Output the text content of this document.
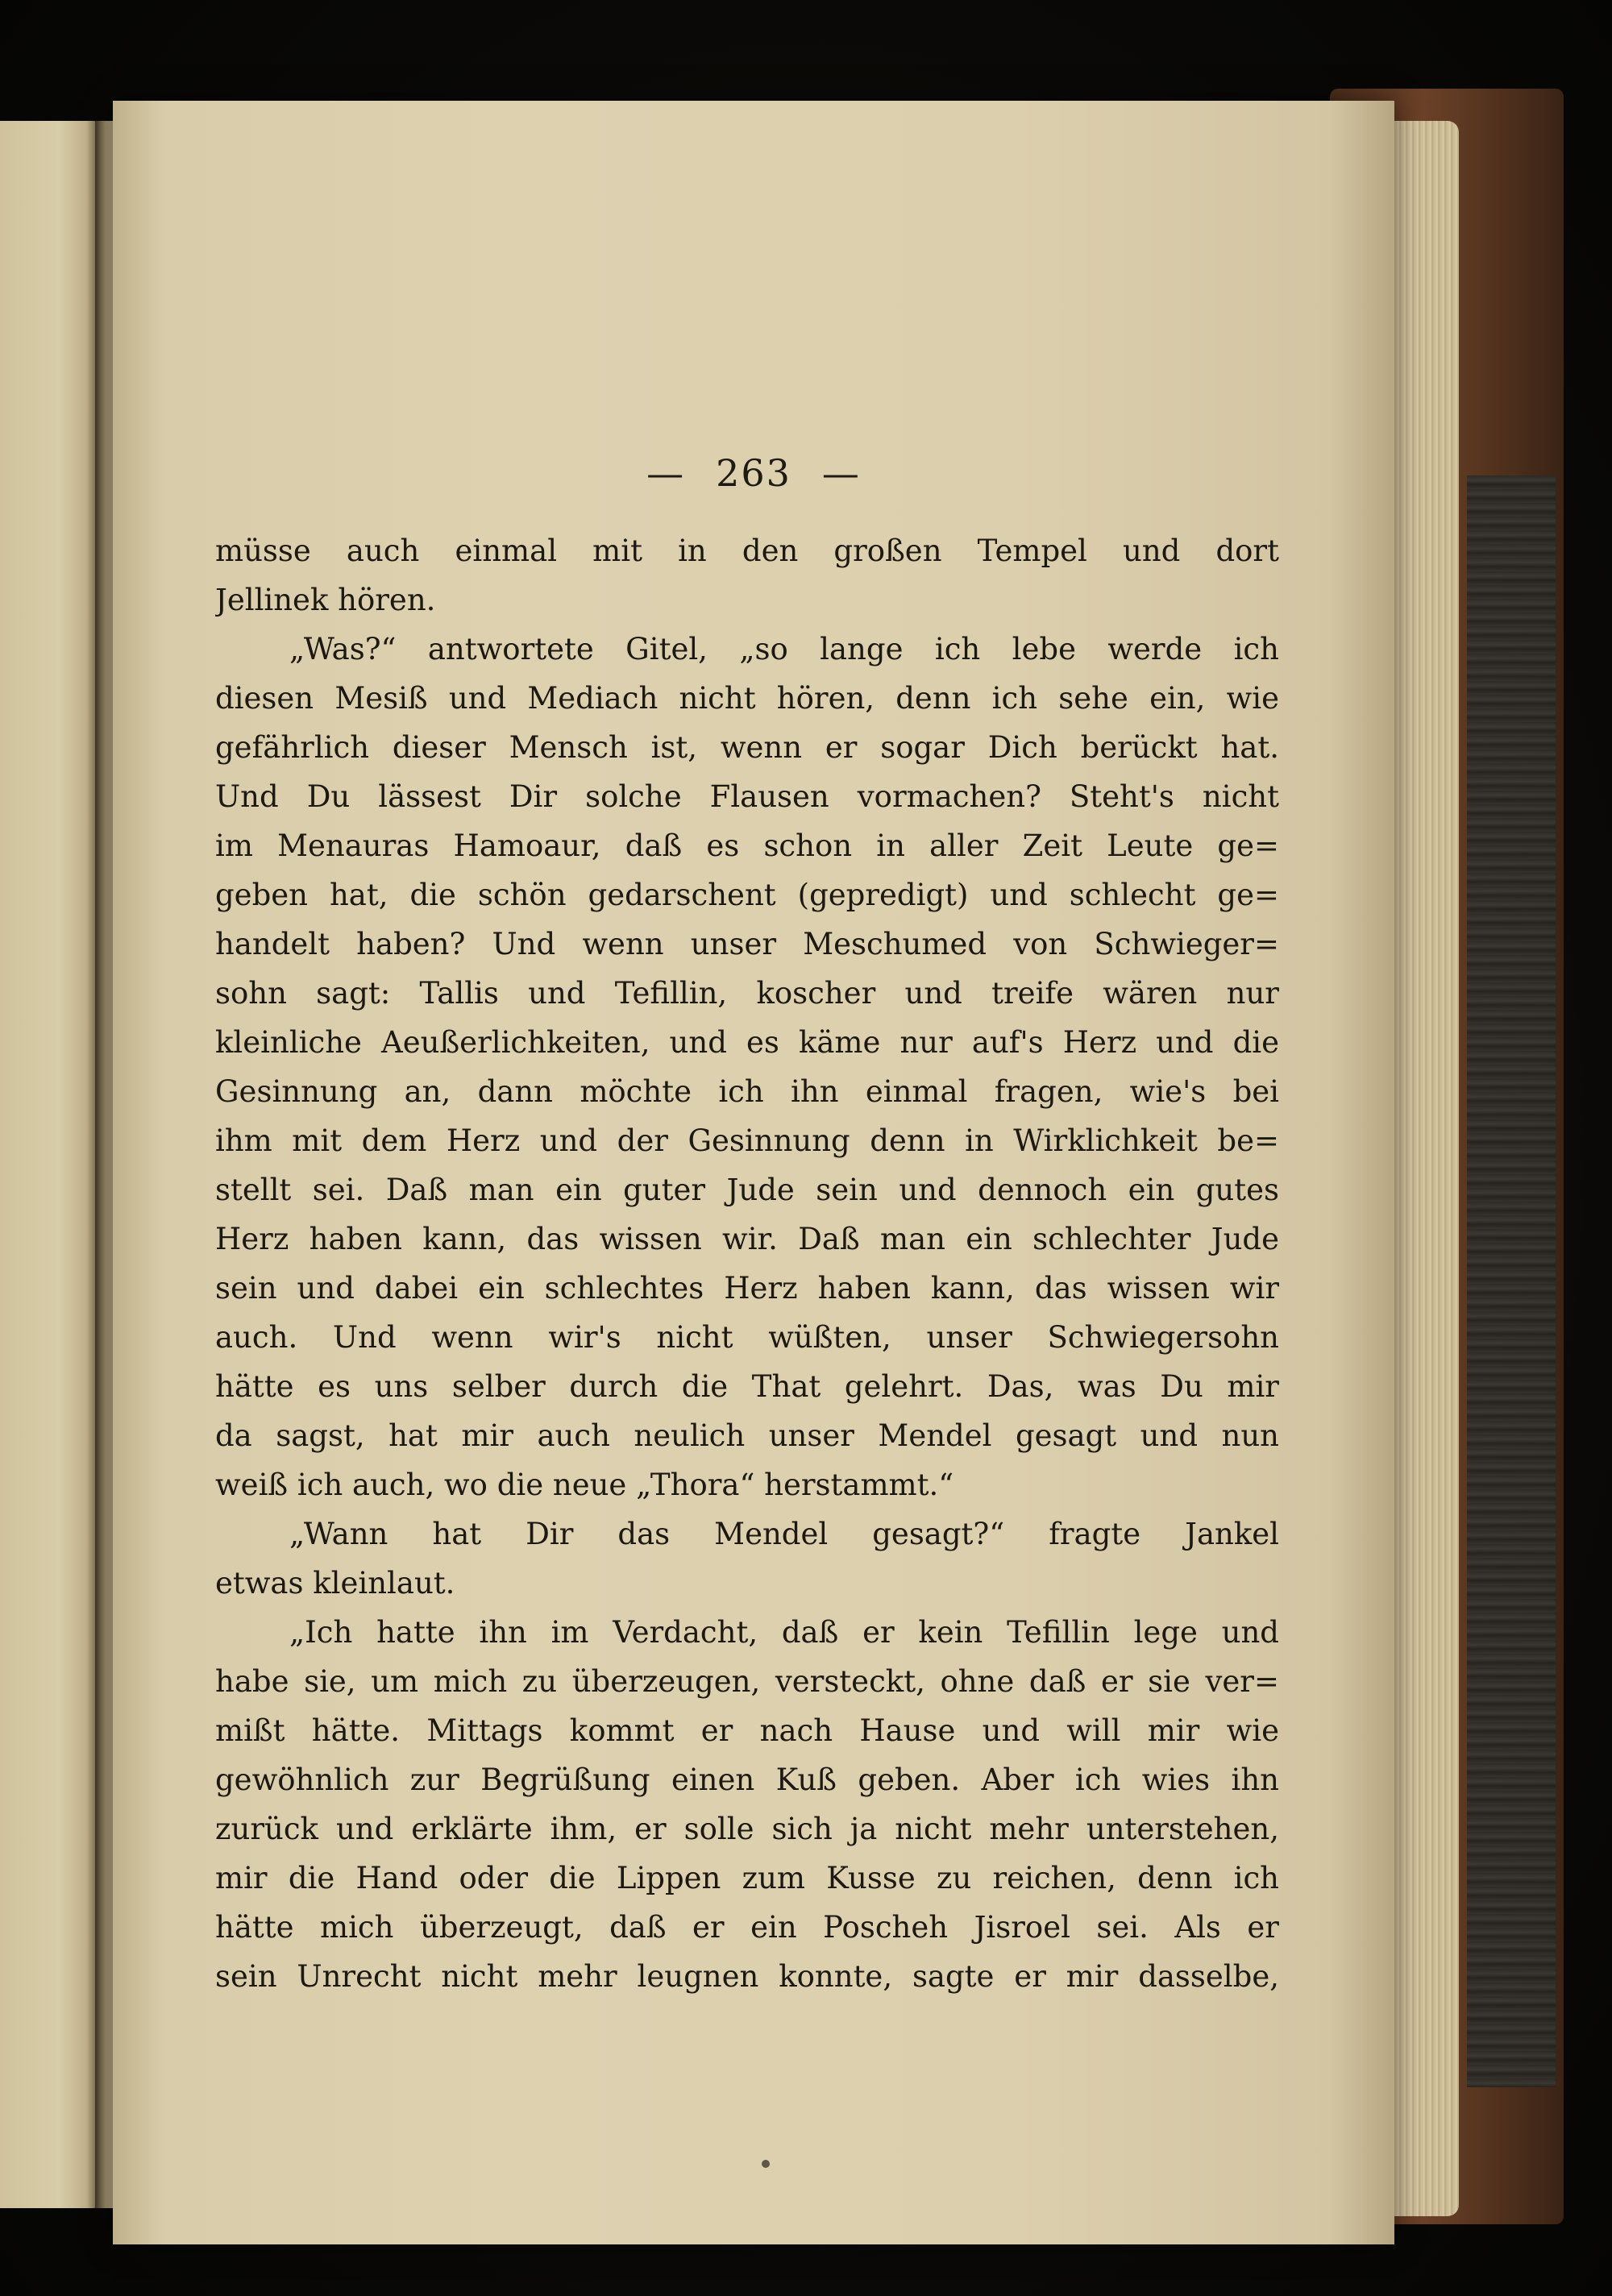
— 263 —
müsse auch einmal mit in den großen Tempel und dort
Jellinek hören.
„Was?“ antwortete Gitel, „so lange ich lebe werde ich
diesen Mesiß und Mediach nicht hören, denn ich sehe ein, wie
gefährlich dieser Mensch ist, wenn er sogar Dich berückt hat.
Und Du lässest Dir solche Flausen vormachen? Steht's nicht
im Menauras Hamoaur, daß es schon in aller Zeit Leute ge=
geben hat, die schön gedarschent (gepredigt) und schlecht ge=
handelt haben? Und wenn unser Meschumed von Schwieger=
sohn sagt: Tallis und Tefillin, koscher und treife wären nur
kleinliche Aeußerlichkeiten, und es käme nur auf's Herz und die
Gesinnung an, dann möchte ich ihn einmal fragen, wie's bei
ihm mit dem Herz und der Gesinnung denn in Wirklichkeit be=
stellt sei. Daß man ein guter Jude sein und dennoch ein gutes
Herz haben kann, das wissen wir. Daß man ein schlechter Jude
sein und dabei ein schlechtes Herz haben kann, das wissen wir
auch. Und wenn wir's nicht wüßten, unser Schwiegersohn
hätte es uns selber durch die That gelehrt. Das, was Du mir
da sagst, hat mir auch neulich unser Mendel gesagt und nun
weiß ich auch, wo die neue „Thora“ herstammt.“
„Wann hat Dir das Mendel gesagt?“ fragte Jankel
etwas kleinlaut.
„Ich hatte ihn im Verdacht, daß er kein Tefillin lege und
habe sie, um mich zu überzeugen, versteckt, ohne daß er sie ver=
mißt hätte. Mittags kommt er nach Hause und will mir wie
gewöhnlich zur Begrüßung einen Kuß geben. Aber ich wies ihn
zurück und erklärte ihm, er solle sich ja nicht mehr unterstehen,
mir die Hand oder die Lippen zum Kusse zu reichen, denn ich
hätte mich überzeugt, daß er ein Poscheh Jisroel sei. Als er
sein Unrecht nicht mehr leugnen konnte, sagte er mir dasselbe,
